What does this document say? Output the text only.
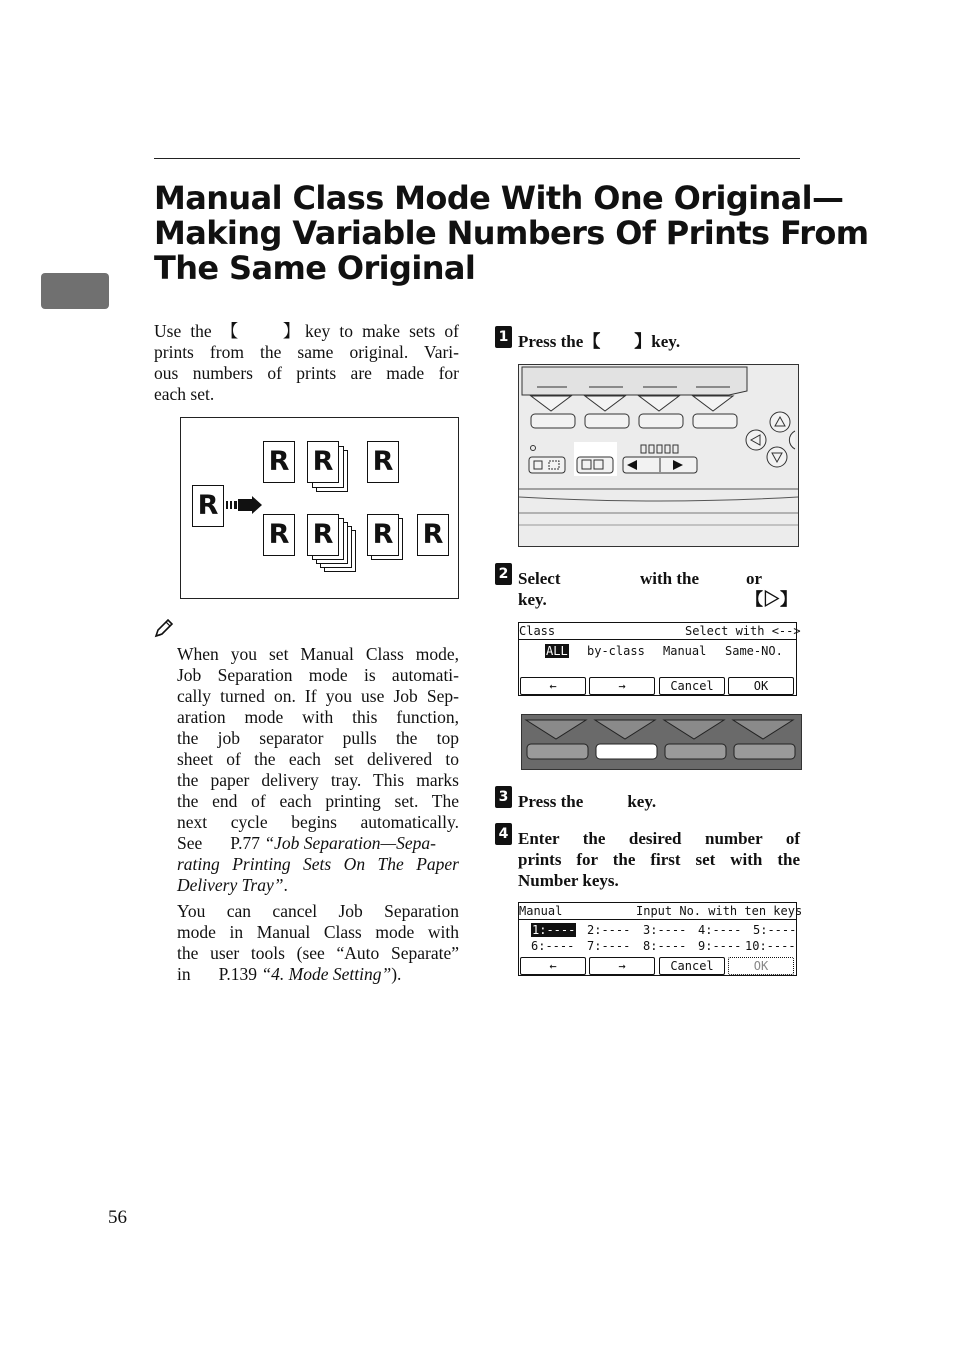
Manual Class Mode With One Original—
Making Variable Numbers Of Prints From
The Same Original
Use the 【  】key to make sets of
prints from the same original. Vari-
ous numbers of prints are made for
each set.
R
R R R
R R R R
When you set Manual Class mode,
Job Separation mode is automati-
cally turned on. If you use Job Sep-
aration mode with this function,
the job separator pulls the top
sheet of the each set delivered to
the paper delivery tray. This marks
the end of each printing set. The
next cycle begins automatically.
See P.77 “Job Separation—Sepa-
rating Printing Sets On The Paper
Delivery Tray”.
You can cancel Job Separation
mode in Manual Class mode with
the user tools (see “Auto Separate”
in P.139 “4. Mode Setting”).
1 Press the【  】key.
2 Select	with the	or【▷】
key.
Class	Select with <-->
ALL by-class Manual Same-NO.
←	→	Cancel	OK
3 Press the	key.
4 Enter the desired number of
prints for the first set with the
Number keys.
Manual	Input No. with ten keys
1:---- 2:---- 3:---- 4:---- 5:----
6:---- 7:---- 8:---- 9:---- 10:----
←	→	Cancel	OK
56
